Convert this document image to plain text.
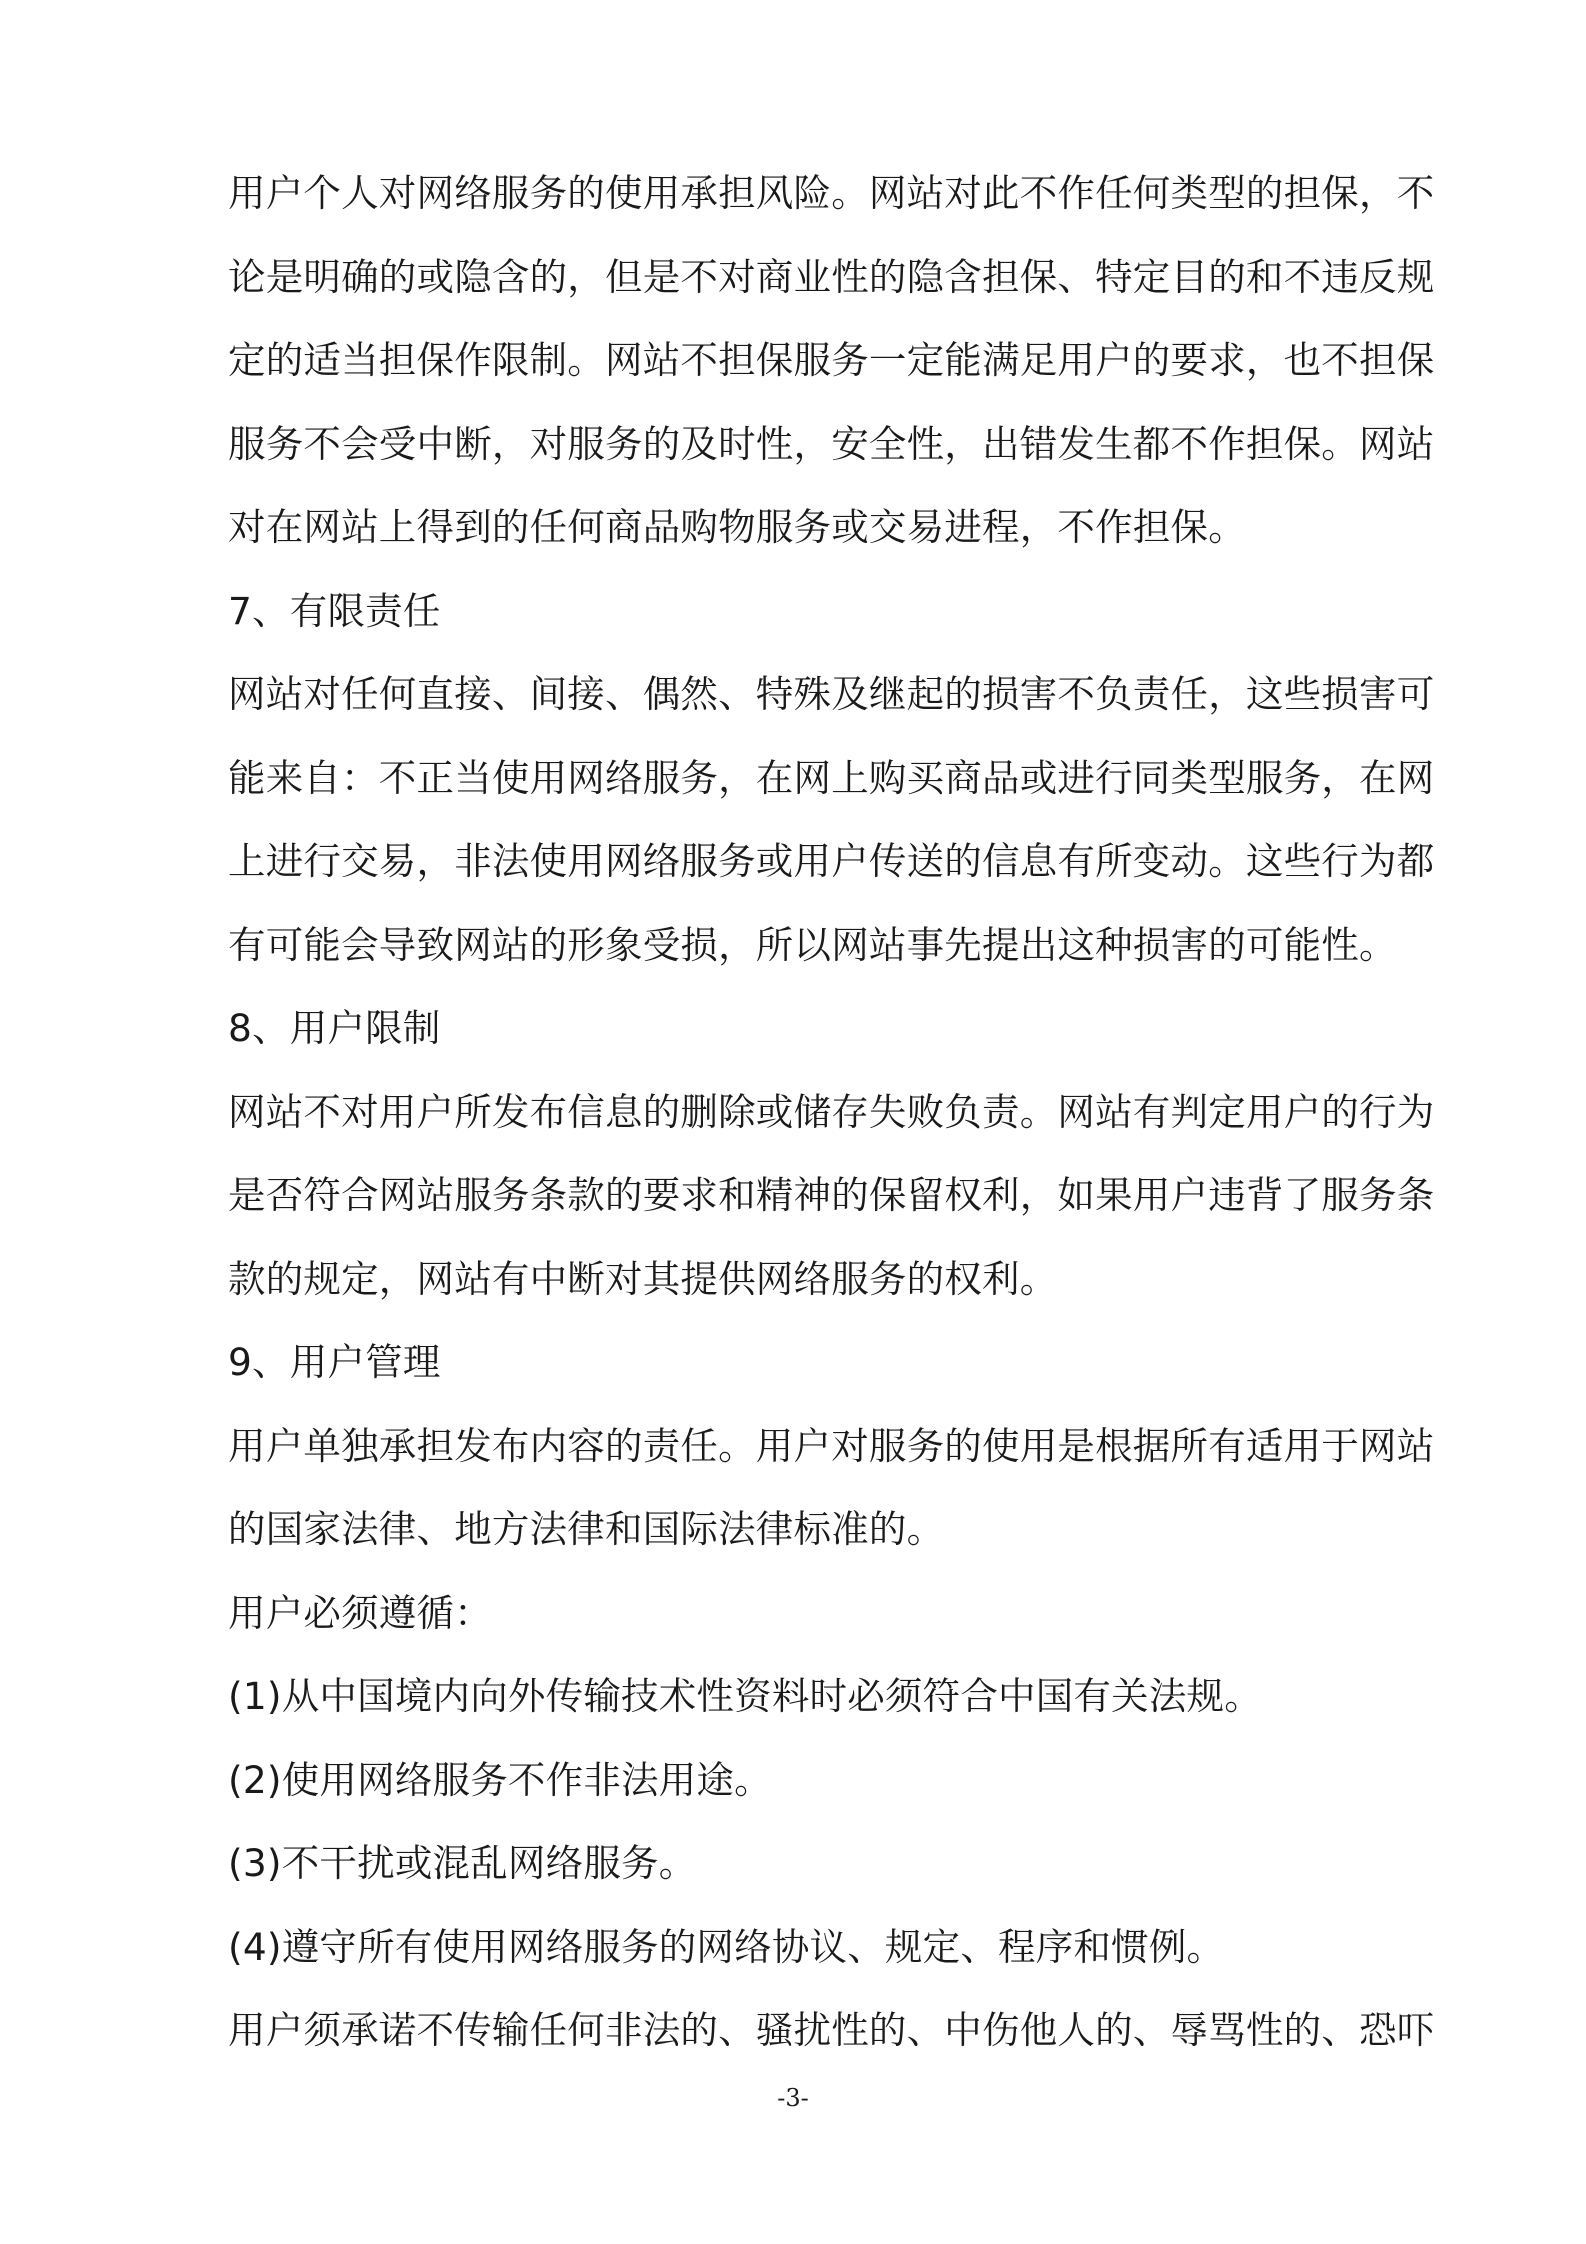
用户个人对网络服务的使用承担风险。网站对此不作任何类型的担保，不
论是明确的或隐含的，但是不对商业性的隐含担保、特定目的和不违反规
定的适当担保作限制。网站不担保服务一定能满足用户的要求，也不担保
服务不会受中断，对服务的及时性，安全性，出错发生都不作担保。网站
对在网站上得到的任何商品购物服务或交易进程，不作担保。
7、有限责任
网站对任何直接、间接、偶然、特殊及继起的损害不负责任，这些损害可
能来自：不正当使用网络服务，在网上购买商品或进行同类型服务，在网
上进行交易，非法使用网络服务或用户传送的信息有所变动。这些行为都
有可能会导致网站的形象受损，所以网站事先提出这种损害的可能性。
8、用户限制
网站不对用户所发布信息的删除或储存失败负责。网站有判定用户的行为
是否符合网站服务条款的要求和精神的保留权利，如果用户违背了服务条
款的规定，网站有中断对其提供网络服务的权利。
9、用户管理
用户单独承担发布内容的责任。用户对服务的使用是根据所有适用于网站
的国家法律、地方法律和国际法律标准的。
用户必须遵循：
(1)从中国境内向外传输技术性资料时必须符合中国有关法规。
(2)使用网络服务不作非法用途。
(3)不干扰或混乱网络服务。
(4)遵守所有使用网络服务的网络协议、规定、程序和惯例。
用户须承诺不传输任何非法的、骚扰性的、中伤他人的、辱骂性的、恐吓
-3-
